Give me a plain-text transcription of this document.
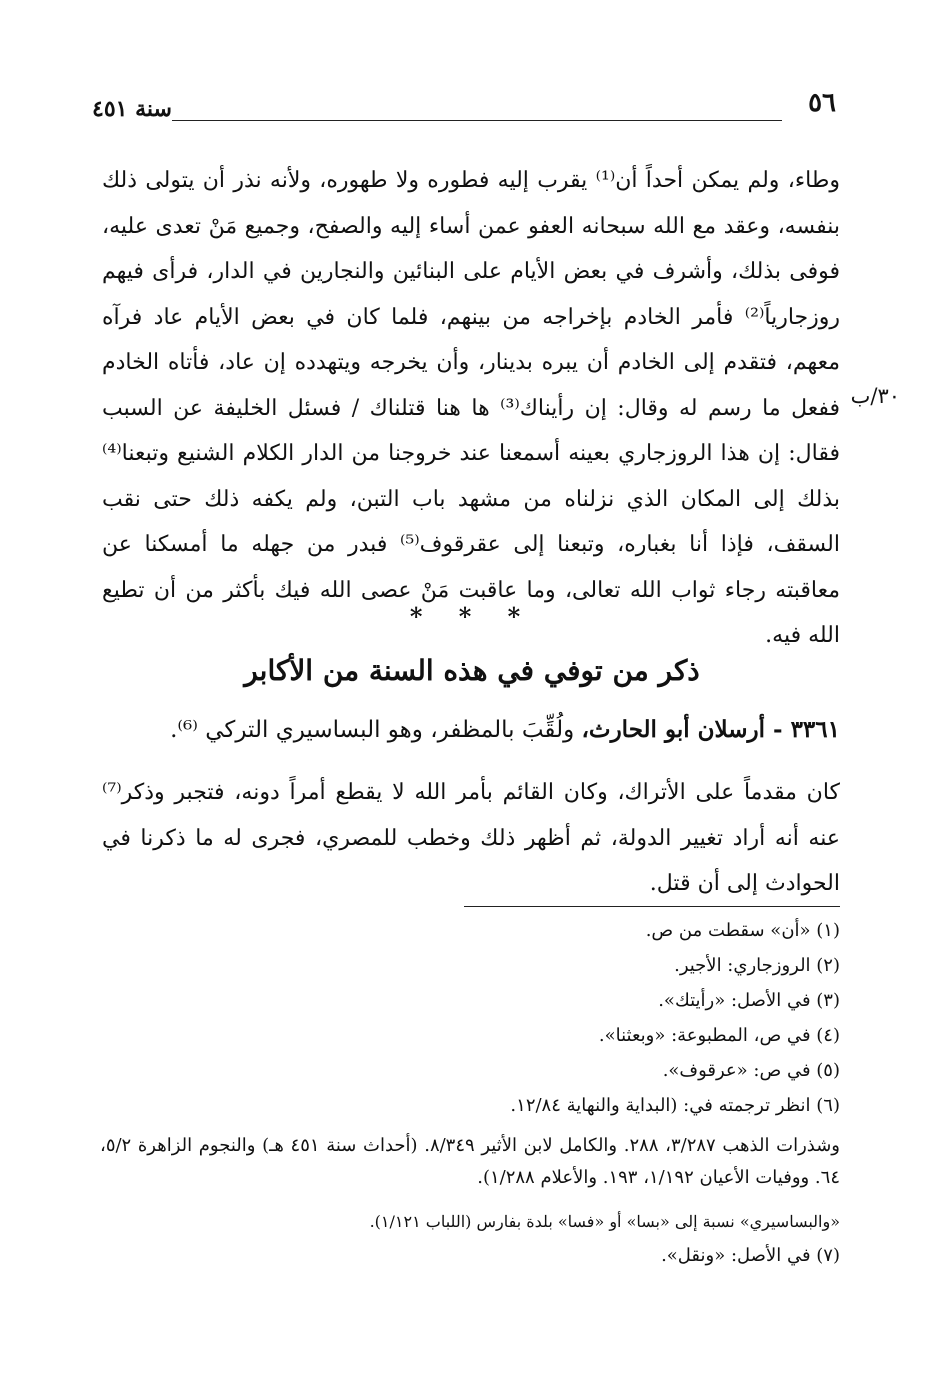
٥٦
سنة ٤٥١
وطاء، ولم يمكن أحداً أن⁽¹⁾ يقرب إليه فطوره ولا طهوره، ولأنه نذر أن يتولى ذلك بنفسه، وعقد مع الله سبحانه العفو عمن أساء إليه والصفح، وجميع مَنْ تعدى عليه، فوفى بذلك، وأشرف في بعض الأيام على البنائين والنجارين في الدار، فرأى فيهم روزجارياً⁽²⁾ فأمر الخادم بإخراجه من بينهم، فلما كان في بعض الأيام عاد فرآه معهم، فتقدم إلى الخادم أن يبره بدينار، وأن يخرجه ويتهدده إن عاد، فأتاه الخادم ففعل ما رسم له وقال: إن رأيناك⁽³⁾ ها هنا قتلناك / فسئل الخليفة عن السبب فقال: إن هذا الروزجاري بعينه أسمعنا عند خروجنا من الدار الكلام الشنيع وتبعنا⁽⁴⁾ بذلك إلى المكان الذي نزلناه من مشهد باب التبن، ولم يكفه ذلك حتى نقب السقف، فإذا أنا بغباره، وتبعنا إلى عقرقوف⁽⁵⁾ فبدر من جهله ما أمسكنا عن معاقبته رجاء ثواب الله تعالى، وما عاقبت مَنْ عصى الله فيك بأكثر من أن تطيع الله فيه.
٣٠/ب
* * *
ذكر من توفي في هذه السنة من الأكابر
٣٣٦١ - أرسلان أبو الحارث، ولُقِّبَ بالمظفر، وهو البساسيري التركي ⁽⁶⁾.
كان مقدماً على الأتراك، وكان القائم بأمر الله لا يقطع أمراً دونه، فتجبر وذكر⁽⁷⁾ عنه أنه أراد تغيير الدولة، ثم أظهر ذلك وخطب للمصري، فجرى له ما ذكرنا في الحوادث إلى أن قتل.
(١) «أن» سقطت من ص.
(٢) الروزجاري: الأجير.
(٣) في الأصل: «رأيتك».
(٤) في ص، المطبوعة: «وبعثنا».
(٥) في ص: «عرقوف».
(٦) انظر ترجمته في: (البداية والنهاية ١٢/٨٤.
وشذرات الذهب ٣/٢٨٧، ٢٨٨. والكامل لابن الأثير ٨/٣٤٩. (أحداث سنة ٤٥١ هـ) والنجوم الزاهرة ٥/٢، ٦٤. ووفيات الأعيان ١/١٩٢، ١٩٣. والأعلام ١/٢٨٨).
«والبساسيري» نسبة إلى «بسا» أو «فسا» بلدة بفارس (اللباب ١/١٢١).
(٧) في الأصل: «ونقل».
